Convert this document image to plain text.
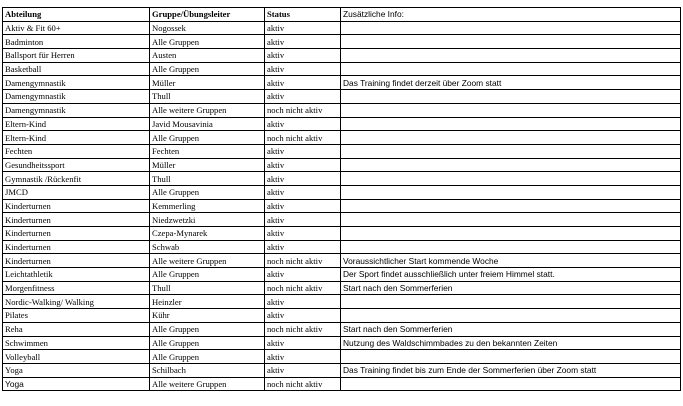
Abteilung	Gruppe/Übungsleiter	Status	Zusätzliche Info:
Aktiv & Fit 60+	Nogossek	aktiv	
Badminton	Alle Gruppen	aktiv	
Ballsport für Herren	Austen	aktiv	
Basketball	Alle Gruppen	aktiv	
Damengymnastik	Müller	aktiv	Das Training findet derzeit über Zoom statt
Damengymnastik	Thull	aktiv	
Damengymnastik	Alle weitere Gruppen	noch nicht aktiv	
Eltern-Kind	Javid Mousavinia	aktiv	
Eltern-Kind	Alle Gruppen	noch nicht aktiv	
Fechten	Fechten	aktiv	
Gesundheitssport	Müller	aktiv	
Gymnastik /Rückenfit	Thull	aktiv	
JMCD	Alle Gruppen	aktiv	
Kinderturnen	Kemmerling	aktiv	
Kinderturnen	Niedzwetzki	aktiv	
Kinderturnen	Czepa-Mynarek	aktiv	
Kinderturnen	Schwab	aktiv	
Kinderturnen	Alle weitere Gruppen	noch nicht aktiv	Voraussichtlicher Start kommende Woche
Leichtathletik	Alle Gruppen	aktiv	Der Sport findet ausschließlich unter freiem Himmel statt.
Morgenfitness	Thull	noch nicht aktiv	Start nach den Sommerferien
Nordic-Walking/ Walking	Heinzler	aktiv	
Pilates	Kühr	aktiv	
Reha	Alle Gruppen	noch nicht aktiv	Start nach den Sommerferien
Schwimmen	Alle Gruppen	aktiv	Nutzung des Waldschimmbades zu den bekannten Zeiten
Volleyball	Alle Gruppen	aktiv	
Yoga	Schilbach	aktiv	Das Training findet bis zum Ende der Sommerferien über Zoom statt
Yoga	Alle weitere Gruppen	noch nicht aktiv	
